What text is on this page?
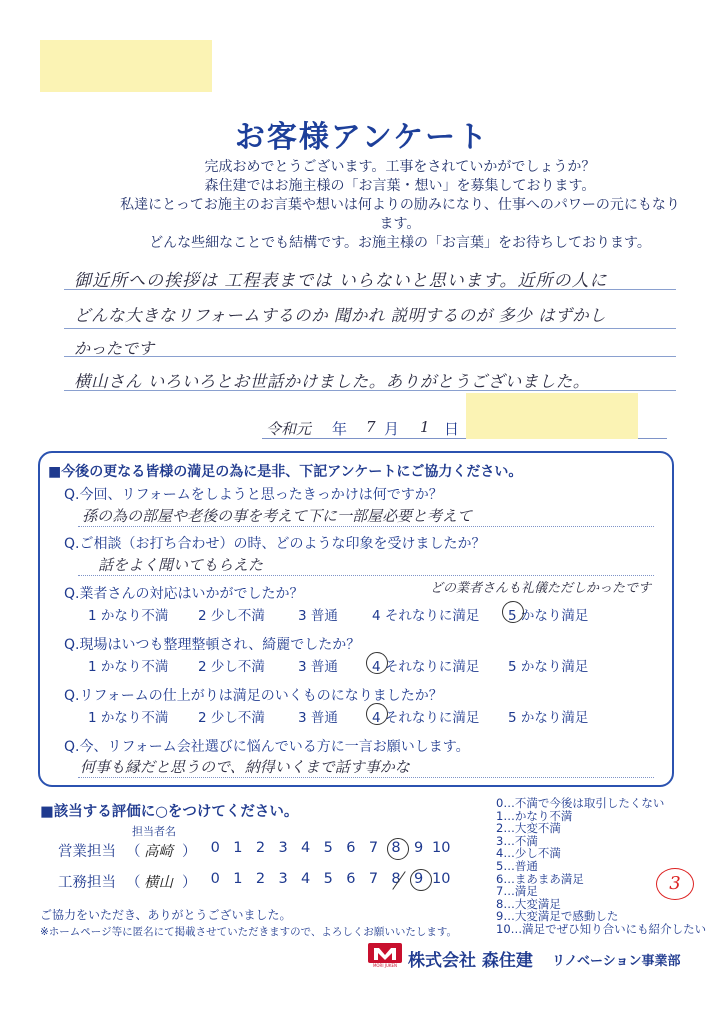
お客様アンケート
完成おめでとうございます。工事をされていかがでしょうか？
森住建ではお施主様の「お言葉・想い」を募集しております。
私達にとってお施主のお言葉や想いは何よりの励みになり、仕事へのパワーの元にもなります。
どんな些細なことでも結構です。お施主様の「お言葉」をお待ちしております。
御近所への挨拶は 工程表までは いらないと思います。近所の人に
どんな大きなリフォームするのか 聞かれ 説明するのが 多少 はずかし
かったです
横山さん いろいろとお世話かけました。ありがとうございました。
令和元 年 7 月 1 日
■今後の更なる皆様の満足の為に是非、下記アンケートにご協力ください。
Q.今回、リフォームをしようと思ったきっかけは何ですか？
孫の為の部屋や老後の事を考えて下に一部屋必要と考えて
Q.ご相談（お打ち合わせ）の時、どのような印象を受けましたか？
話をよく聞いてもらえた
Q.業者さんの対応はいかがでしたか？	どの業者さんも礼儀ただしかったです
1 かなり不満 2 少し不満 3 普通	4 それなりに満足 5 かなり満足
Q.現場はいつも整理整頓され、綺麗でしたか？
1 かなり不満 2 少し不満 3 普通	4 それなりに満足 5 かなり満足
Q.リフォームの仕上がりは満足のいくものになりましたか？
1 かなり不満 2 少し不満 3 普通	4 それなりに満足 5 かなり満足
Q.今、リフォーム会社選びに悩んでいる方に一言お願いします。
何事も縁だと思うので、納得いくまで話す事かな
■該当する評価に○をつけてください。
担当者名
営業担当 （ 高崎 ） 0 1 2 3 4 5 6 7 8 9 10
工務担当 （ 横山 ） 0 1 2 3 4 5 6 7 8 9 10
0…不満で今後は取引したくない
1…かなり不満
2…大変不満
3…不満
4…少し不満
5…普通
6…まあまあ満足
7…満足
8…大変満足
9…大変満足で感動した
10…満足でぜひ知り合いにも紹介したい
3
ご協力をいただき、ありがとうございました。
※ホームページ等に匿名にて掲載させていただきますので、よろしくお願いいたします。
MORI JUKEN 株式会社 森住建 リノベーション事業部
